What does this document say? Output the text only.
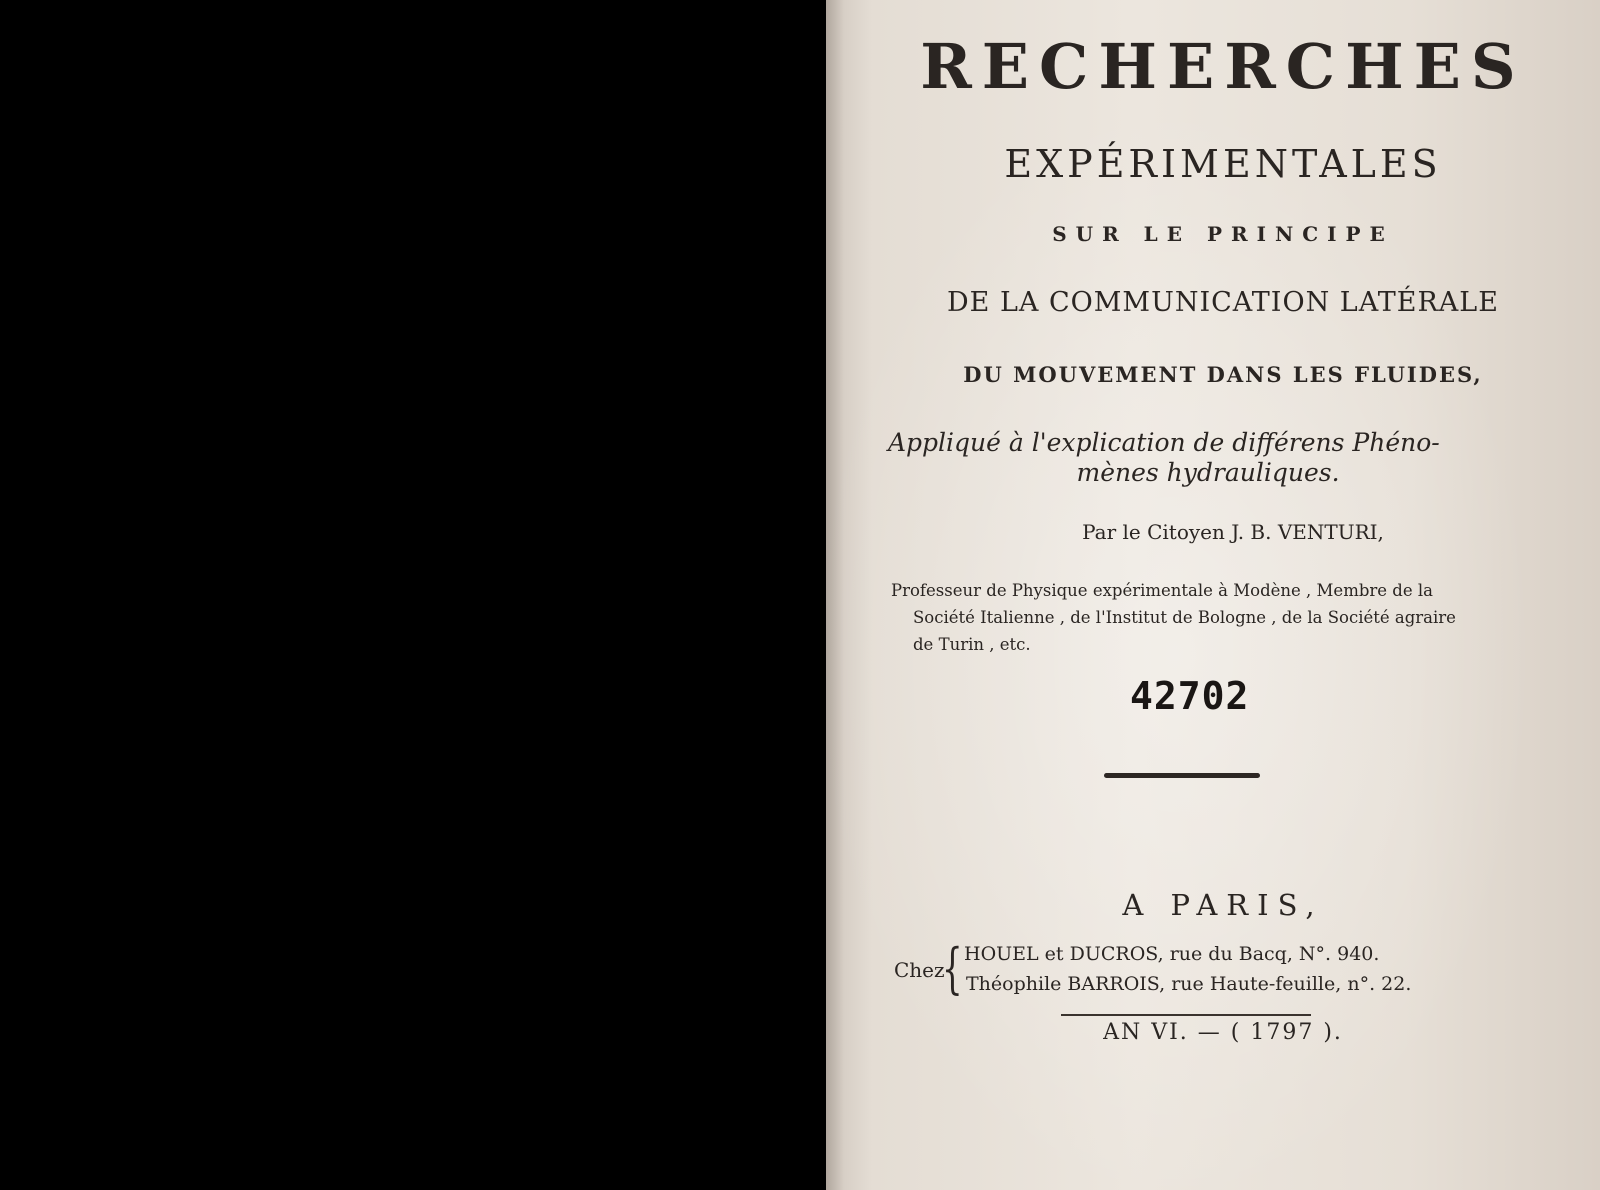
RECHERCHES
EXPÉRIMENTALES
SUR LE PRINCIPE
DE LA COMMUNICATION LATÉRALE
DU MOUVEMENT DANS LES FLUIDES,
Appliqué à l'explication de différens Phéno-
mènes hydrauliques.
Par le Citoyen J. B. VENTURI,
Professeur de Physique expérimentale à Modène , Membre de la
Société Italienne , de l'Institut de Bologne , de la Société agraire
de Turin , etc.
42702
A PARIS,
Chez
{ HOUEL et DUCROS, rue du Bacq, N°. 940.
Théophile BARROIS, rue Haute-feuille, n°. 22.
AN VI. — ( 1797 ).
